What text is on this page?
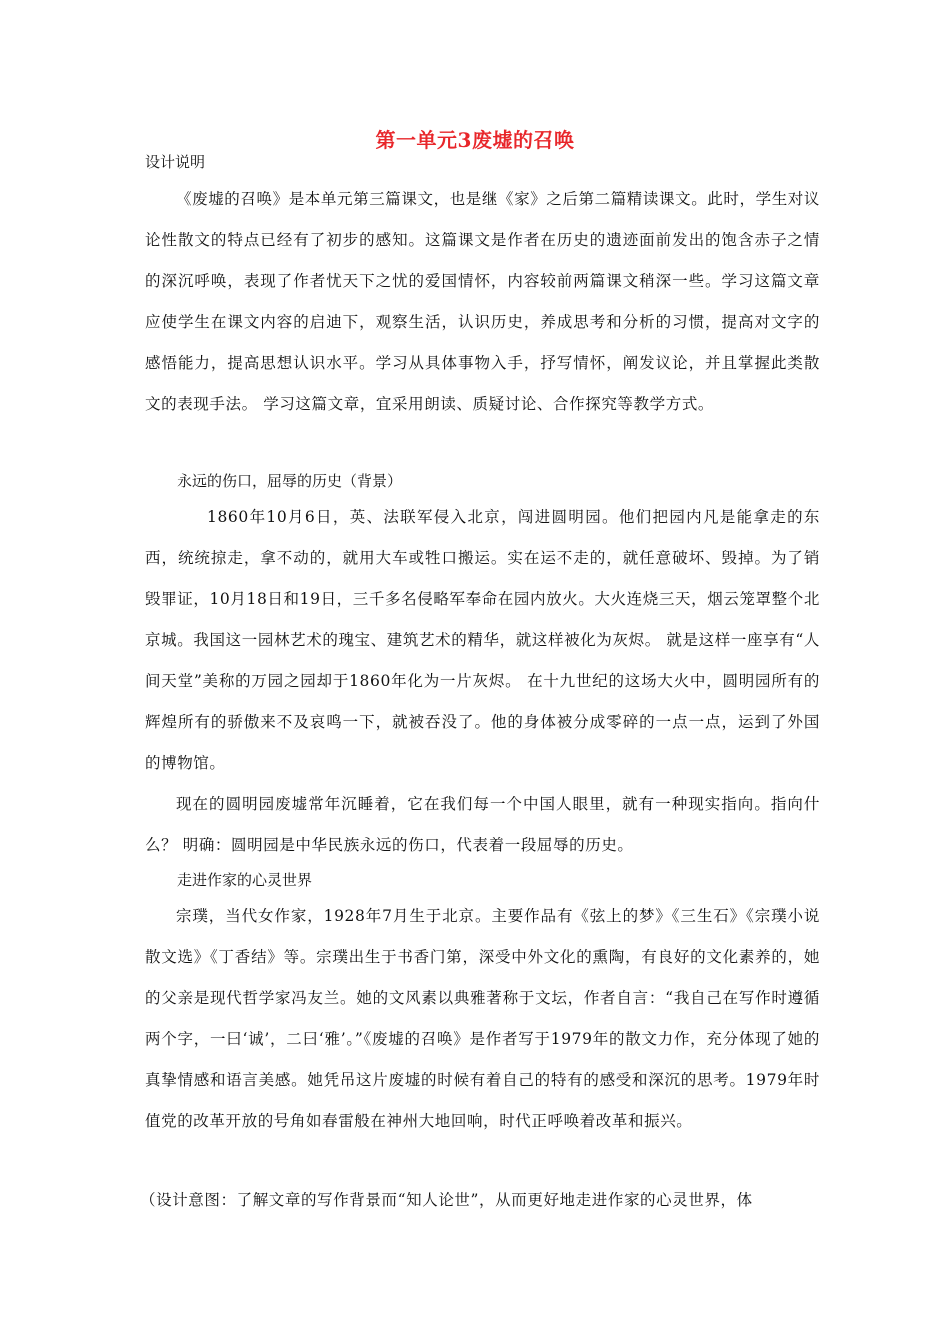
第一单元3废墟的召唤
设计说明

《废墟的召唤》是本单元第三篇课文，也是继《家》之后第二篇精读课文。此时，学生对议论性散文的特点已经有了初步的感知。这篇课文是作者在历史的遗迹面前发出的饱含赤子之情的深沉呼唤，表现了作者忧天下之忧的爱国情怀，内容较前两篇课文稍深一些。学习这篇文章应使学生在课文内容的启迪下，观察生活，认识历史，养成思考和分析的习惯，提高对文字的感悟能力，提高思想认识水平。学习从具体事物入手，抒写情怀，阐发议论，并且掌握此类散文的表现手法。 学习这篇文章，宜采用朗读、质疑讨论、合作探究等教学方式。

永远的伤口，屈辱的历史（背景）

1860年10月6日，英、法联军侵入北京，闯进圆明园。他们把园内凡是能拿走的东西，统统掠走，拿不动的，就用大车或牲口搬运。实在运不走的，就任意破坏、毁掉。为了销毁罪证，10月18日和19日，三千多名侵略军奉命在园内放火。大火连烧三天，烟云笼罩整个北京城。我国这一园林艺术的瑰宝、建筑艺术的精华，就这样被化为灰烬。 就是这样一座享有“人间天堂”美称的万园之园却于1860年化为一片灰烬。 在十九世纪的这场大火中，圆明园所有的辉煌所有的骄傲来不及哀鸣一下，就被吞没了。他的身体被分成零碎的一点一点，运到了外国的博物馆。

现在的圆明园废墟常年沉睡着，它在我们每一个中国人眼里，就有一种现实指向。指向什么？ 明确：圆明园是中华民族永远的伤口，代表着一段屈辱的历史。

走进作家的心灵世界

宗璞，当代女作家，1928年7月生于北京。主要作品有《弦上的梦》《三生石》《宗璞小说散文选》《丁香结》等。宗璞出生于书香门第，深受中外文化的熏陶，有良好的文化素养的，她的父亲是现代哲学家冯友兰。她的文风素以典雅著称于文坛，作者自言：“我自己在写作时遵循两个字，一曰‘诚’，二曰‘雅’。”《废墟的召唤》是作者写于1979年的散文力作，充分体现了她的真挚情感和语言美感。她凭吊这片废墟的时候有着自己的特有的感受和深沉的思考。1979年时值党的改革开放的号角如春雷般在神州大地回响，时代正呼唤着改革和振兴。

（设计意图：了解文章的写作背景而“知人论世”，从而更好地走进作家的心灵世界，体
